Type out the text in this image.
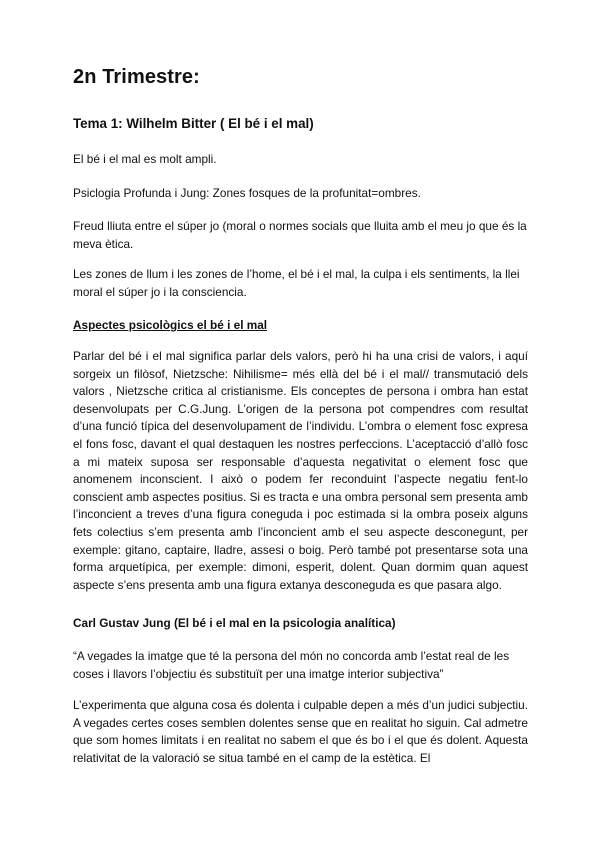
2n Trimestre:
Tema 1: Wilhelm Bitter ( El bé i el mal)

El bé i el mal es molt ampli.

Psiclogia Profunda i Jung: Zones fosques de la profunitat=ombres.

Freud lliuta entre el súper jo (moral o normes socials que lluita amb el meu jo que és la meva ètica.

Les zones de llum i les zones de l’home, el bé i el mal, la culpa i els sentiments, la llei moral el súper jo i la consciencia.

Aspectes psicològics el bé i el mal

Parlar del bé i el mal significa parlar dels valors, però hi ha una crisi de valors, i aquí sorgeix un filòsof, Nietzsche: Nihilisme= més ellà del bé i el mal// transmutació dels valors , Nietzsche critica al cristianisme. Els conceptes de persona i ombra han estat desenvolupats per C.G.Jung. L’origen de la persona pot compendres com resultat d’una funció típica del desenvolupament de l’individu. L’ombra o element fosc expresa el fons fosc, davant el qual destaquen les nostres perfeccions. L’aceptacció d’allò fosc a mi mateix suposa ser responsable d’aquesta negativitat o element fosc que anomenem inconscient. I això o podem fer reconduint l’aspecte negatiu fent-lo conscient amb aspectes positius. Si es tracta e una ombra personal sem presenta amb l’inconcient a treves d’una figura coneguda i poc estimada si la ombra poseix alguns fets colectius s’em presenta amb l’inconcient amb el seu aspecte desconegunt, per exemple: gitano, captaire, lladre, assesi o boig. Però també pot presentarse sota una forma arquetípica, per exemple: dimoni, esperit, dolent. Quan dormim quan aquest aspecte s’ens presenta amb una figura extanya desconeguda es que pasara algo.

Carl Gustav Jung (El bé i el mal en la psicologia analítica)

“A vegades la imatge que té la persona del món no concorda amb l’estat real de les coses i llavors l’objectiu és substituït per una imatge interior subjectiva”

L’experimenta que alguna cosa és dolenta i culpable depen a més d’un judici subjectiu. A vegades certes coses semblen dolentes sense que en realitat ho siguin. Cal admetre que som homes limitats i en realitat no sabem el que és bo i el que és dolent. Aquesta relativitat de la valoració se situa també en el camp de la estètica. El
